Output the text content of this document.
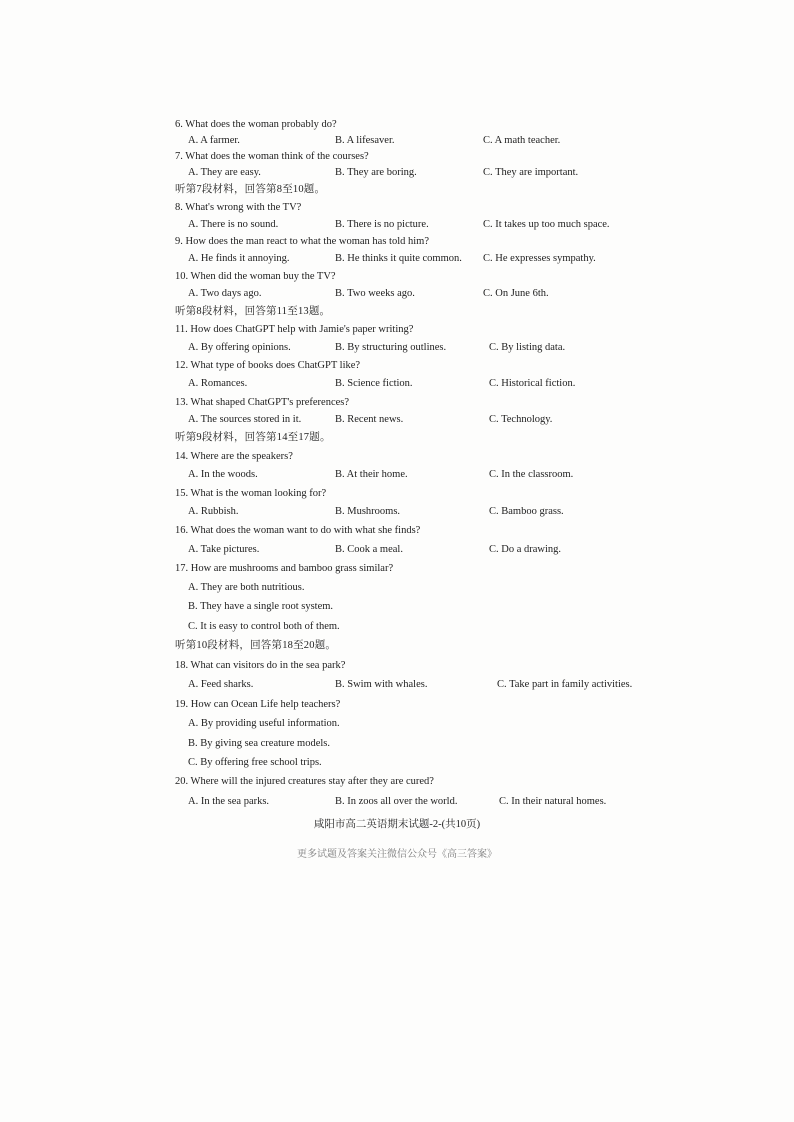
6. What does the woman probably do?
A. A farmer.	B. A lifesaver.	C. A math teacher.
7. What does the woman think of the courses?
A. They are easy.	B. They are boring.	C. They are important.
听第7段材料，回答第8至10题。
8. What's wrong with the TV?
A. There is no sound.	B. There is no picture.	C. It takes up too much space.
9. How does the man react to what the woman has told him?
A. He finds it annoying.	B. He thinks it quite common. C. He expresses sympathy.
10. When did the woman buy the TV?
A. Two days ago.	B. Two weeks ago.	C. On June 6th.
听第8段材料，回答第11至13题。
11. How does ChatGPT help with Jamie's paper writing?
A. By offering opinions.	B. By structuring outlines.	C. By listing data.
12. What type of books does ChatGPT like?
A. Romances.	B. Science fiction.	C. Historical fiction.
13. What shaped ChatGPT's preferences?
A. The sources stored in it.	B. Recent news.	C. Technology.
听第9段材料，回答第14至17题。
14. Where are the speakers?
A. In the woods.	B. At their home.	C. In the classroom.
15. What is the woman looking for?
A. Rubbish.	B. Mushrooms.	C. Bamboo grass.
16. What does the woman want to do with what she finds?
A. Take pictures.	B. Cook a meal.	C. Do a drawing.
17. How are mushrooms and bamboo grass similar?
A. They are both nutritious.
B. They have a single root system.
C. It is easy to control both of them.
听第10段材料，回答第18至20题。
18. What can visitors do in the sea park?
A. Feed sharks.	B. Swim with whales.	C. Take part in family activities.
19. How can Ocean Life help teachers?
A. By providing useful information.
B. By giving sea creature models.
C. By offering free school trips.
20. Where will the injured creatures stay after they are cured?
A. In the sea parks.	B. In zoos all over the world.	C. In their natural homes.
咸阳市高二英语期末试题-2-(共10页)
更多试题及答案关注微信公众号《高三答案》
